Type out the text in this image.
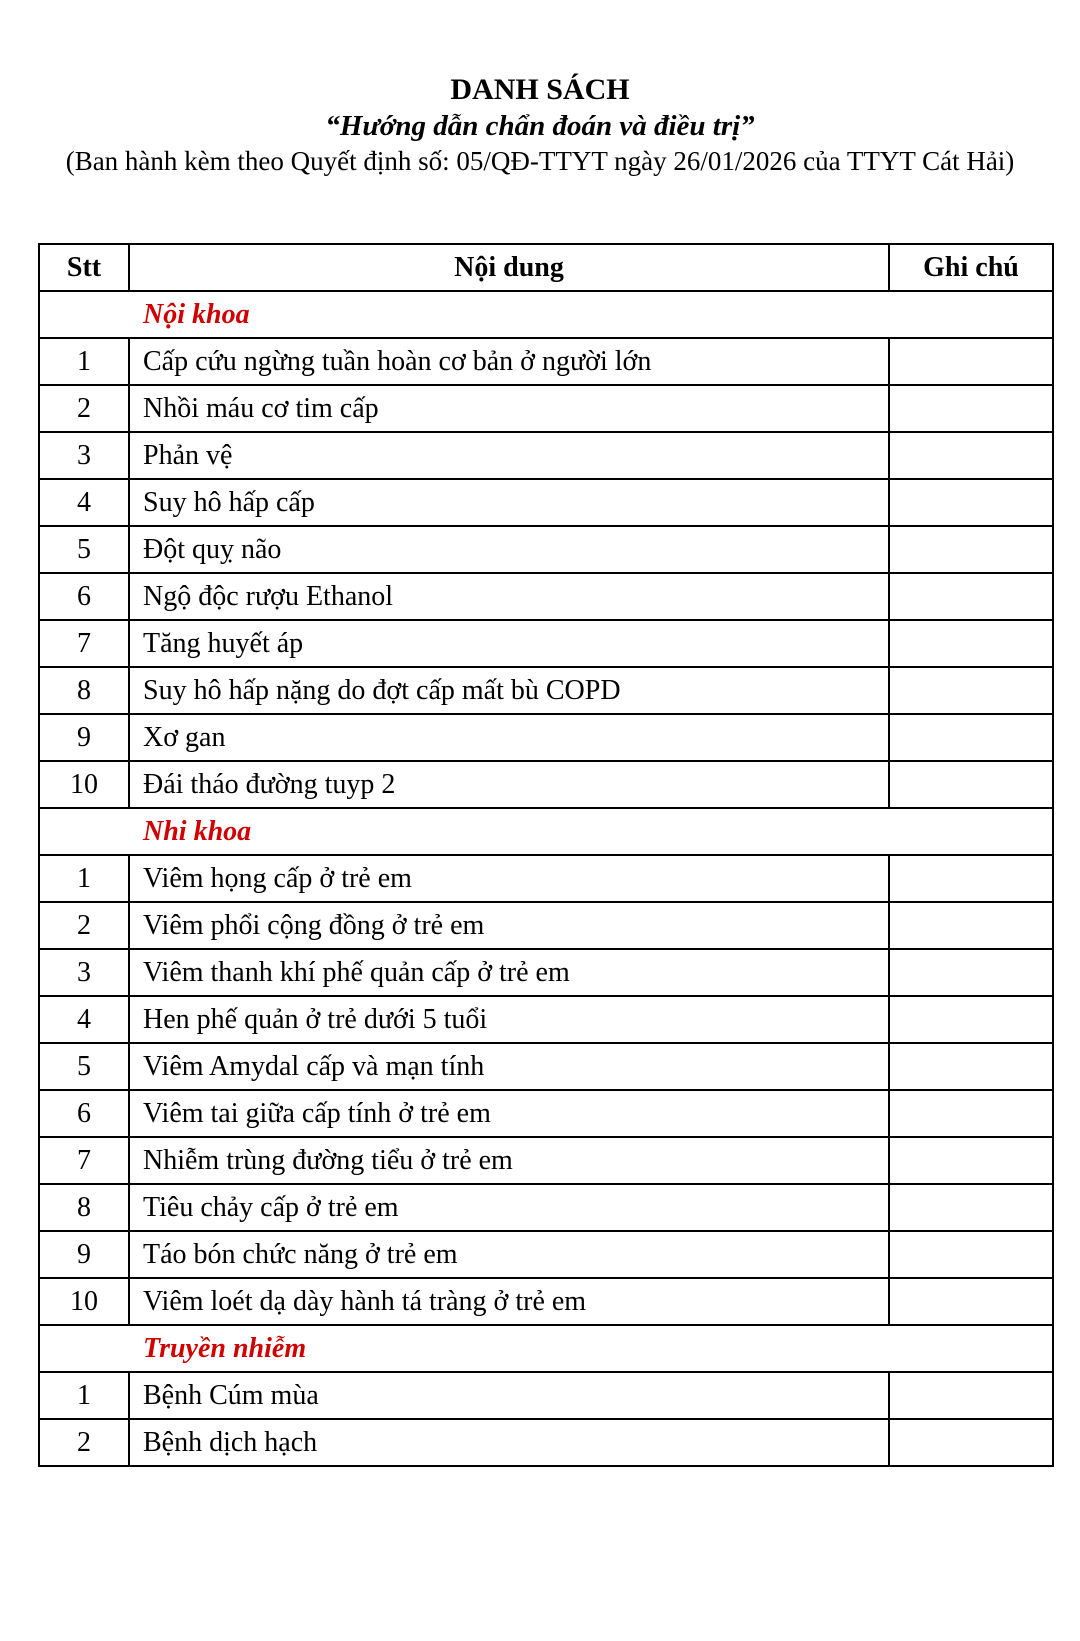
DANH SÁCH

“Hướng dẫn chẩn đoán và điều trị”

(Ban hành kèm theo Quyết định số: 05/QĐ-TTYT ngày 26/01/2026 của TTYT Cát Hải)

Stt	Nội dung	Ghi chú
Nội khoa		
1	Cấp cứu ngừng tuần hoàn cơ bản ở người lớn	
2	Nhồi máu cơ tim cấp	
3	Phản vệ	
4	Suy hô hấp cấp	
5	Đột quỵ não	
6	Ngộ độc rượu Ethanol	
7	Tăng huyết áp	
8	Suy hô hấp nặng do đợt cấp mất bù COPD	
9	Xơ gan	
10	Đái tháo đường tuyp 2	
Nhi khoa		
1	Viêm họng cấp ở trẻ em	
2	Viêm phổi cộng đồng ở trẻ em	
3	Viêm thanh khí phế quản cấp ở trẻ em	
4	Hen phế quản ở trẻ dưới 5 tuổi	
5	Viêm Amydal cấp và mạn tính	
6	Viêm tai giữa cấp tính ở trẻ em	
7	Nhiễm trùng đường tiểu ở trẻ em	
8	Tiêu chảy cấp ở trẻ em	
9	Táo bón chức năng ở trẻ em	
10	Viêm loét dạ dày hành tá tràng ở trẻ em	
Truyền nhiễm		
1	Bệnh Cúm mùa	
2	Bệnh dịch hạch	
